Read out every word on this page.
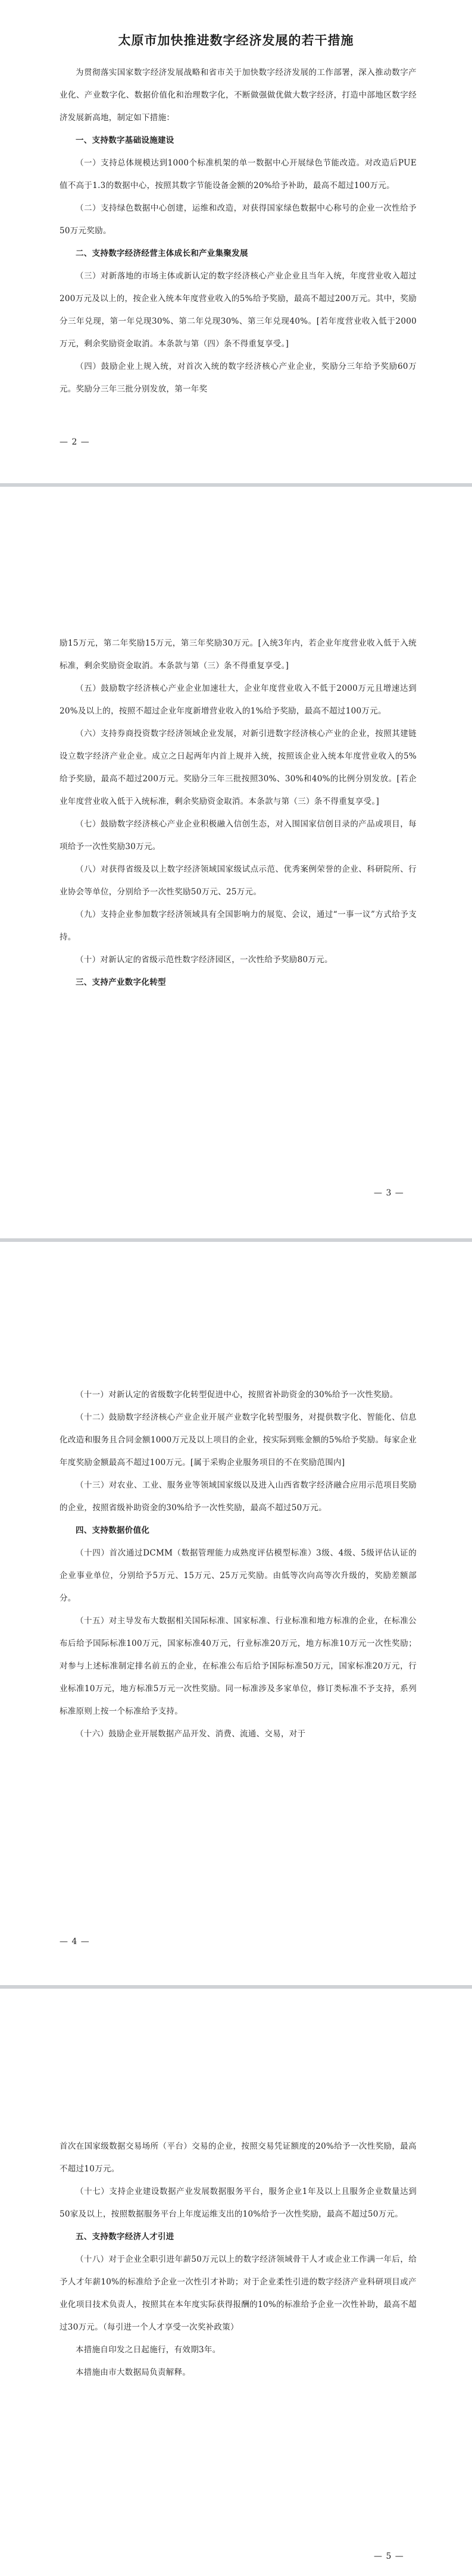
太原市加快推进数字经济发展的若干措施

为贯彻落实国家数字经济发展战略和省市关于加快数字经济发展的工作部署，深入推动数字产业化、产业数字化、数据价值化和治理数字化，不断做强做优做大数字经济，打造中部地区数字经济发展新高地，制定如下措施：

一、支持数字基础设施建设

（一）支持总体规模达到1000个标准机架的单一数据中心开展绿色节能改造。对改造后PUE值不高于1.3的数据中心，按照其数字节能设备金额的20%给予补助，最高不超过100万元。

（二）支持绿色数据中心创建，运维和改造，对获得国家绿色数据中心称号的企业一次性给予50万元奖励。

二、支持数字经济经营主体成长和产业集聚发展

（三）对新落地的市场主体或新认定的数字经济核心产业企业且当年入统，年度营业收入超过200万元及以上的，按企业入统本年度营业收入的5%给予奖励，最高不超过200万元。其中，奖励分三年兑现，第一年兑现30%、第二年兑现30%、第三年兑现40%。[若年度营业收入低于2000万元，剩余奖励资金取消。本条款与第（四）条不得重复享受。]

（四）鼓励企业上规入统，对首次入统的数字经济核心产业企业，奖励分三年给予奖励60万元。奖励分三年三批分别发放，第一年奖

— 2 —

励15万元，第二年奖励15万元，第三年奖励30万元。[入统3年内，若企业年度营业收入低于入统标准，剩余奖励资金取消。本条款与第（三）条不得重复享受。]

（五）鼓励数字经济核心产业企业加速壮大，企业年度营业收入不低于2000万元且增速达到20%及以上的，按照不超过企业年度新增营业收入的1%给予奖励，最高不超过100万元。

（六）支持券商投资数字经济领域企业发展，对新引进数字经济核心产业的企业，按照其建链设立数字经济产业企业。成立之日起两年内首上规并入统，按照该企业入统本年度营业收入的5%给予奖励，最高不超过200万元。奖励分三年三批按照30%、30%和40%的比例分别发放。[若企业年度营业收入低于入统标准，剩余奖励资金取消。本条款与第（三）条不得重复享受。]

（七）鼓励数字经济核心产业企业积极融入信创生态，对入围国家信创目录的产品或项目，每项给予一次性奖励30万元。

（八）对获得省级及以上数字经济领域国家级试点示范、优秀案例荣誉的企业、科研院所、行业协会等单位，分别给予一次性奖励50万元、25万元。

（九）支持企业参加数字经济领域具有全国影响力的展览、会议，通过“一事一议”方式给予支持。

（十）对新认定的省级示范性数字经济园区，一次性给予奖励80万元。

三、支持产业数字化转型
— 3 —

（十一）对新认定的省级数字化转型促进中心，按照省补助资金的30%给予一次性奖励。

（十二）鼓励数字经济核心产业企业开展产业数字化转型服务，对提供数字化、智能化、信息化改造和服务且合同金额1000万元及以上项目的企业，按实际到账金额的5%给予奖励。每家企业年度奖励金额最高不超过100万元。[属于采购企业服务项目的不在奖励范围内]

（十三）对农业、工业、服务业等领域国家级以及进入山西省数字经济融合应用示范项目奖励的企业，按照省级补助资金的30%给予一次性奖励，最高不超过50万元。

四、支持数据价值化

（十四）首次通过DCMM（数据管理能力成熟度评估模型标准）3级、4级、5级评估认证的企业事业单位，分别给予5万元、15万元、25万元奖励。由低等次向高等次升级的，奖励差额部分。

（十五）对主导发布大数据相关国际标准、国家标准、行业标准和地方标准的企业，在标准公布后给予国际标准100万元，国家标准40万元，行业标准20万元，地方标准10万元一次性奖励；对参与上述标准制定排名前五的企业，在标准公布后给予国际标准50万元，国家标准20万元，行业标准10万元，地方标准5万元一次性奖励。同一标准涉及多家单位，修订类标准不予支持，系列标准原则上按一个标准给予支持。

（十六）鼓励企业开展数据产品开发、消费、流通、交易，对于

— 4 —

首次在国家级数据交易场所（平台）交易的企业，按照交易凭证额度的20%给予一次性奖励，最高不超过10万元。

（十七）支持企业建设数据产业发展数据服务平台，服务企业1年及以上且服务企业数量达到50家及以上，按照数据服务平台上年度运维支出的10%给予一次性奖励，最高不超过50万元。

五、支持数字经济人才引进

（十八）对于企业全职引进年薪50万元以上的数字经济领域骨干人才或企业工作满一年后，给予人才年薪10%的标准给予企业一次性引才补助；对于企业柔性引进的数字经济产业科研项目或产业化项目技术负责人，按照其在本年度实际获得报酬的10%的标准给予企业一次性补助，最高不超过30万元。（每引进一个人才享受一次奖补政策）

本措施自印发之日起施行，有效期3年。

本措施由市大数据局负责解释。

— 5 —
